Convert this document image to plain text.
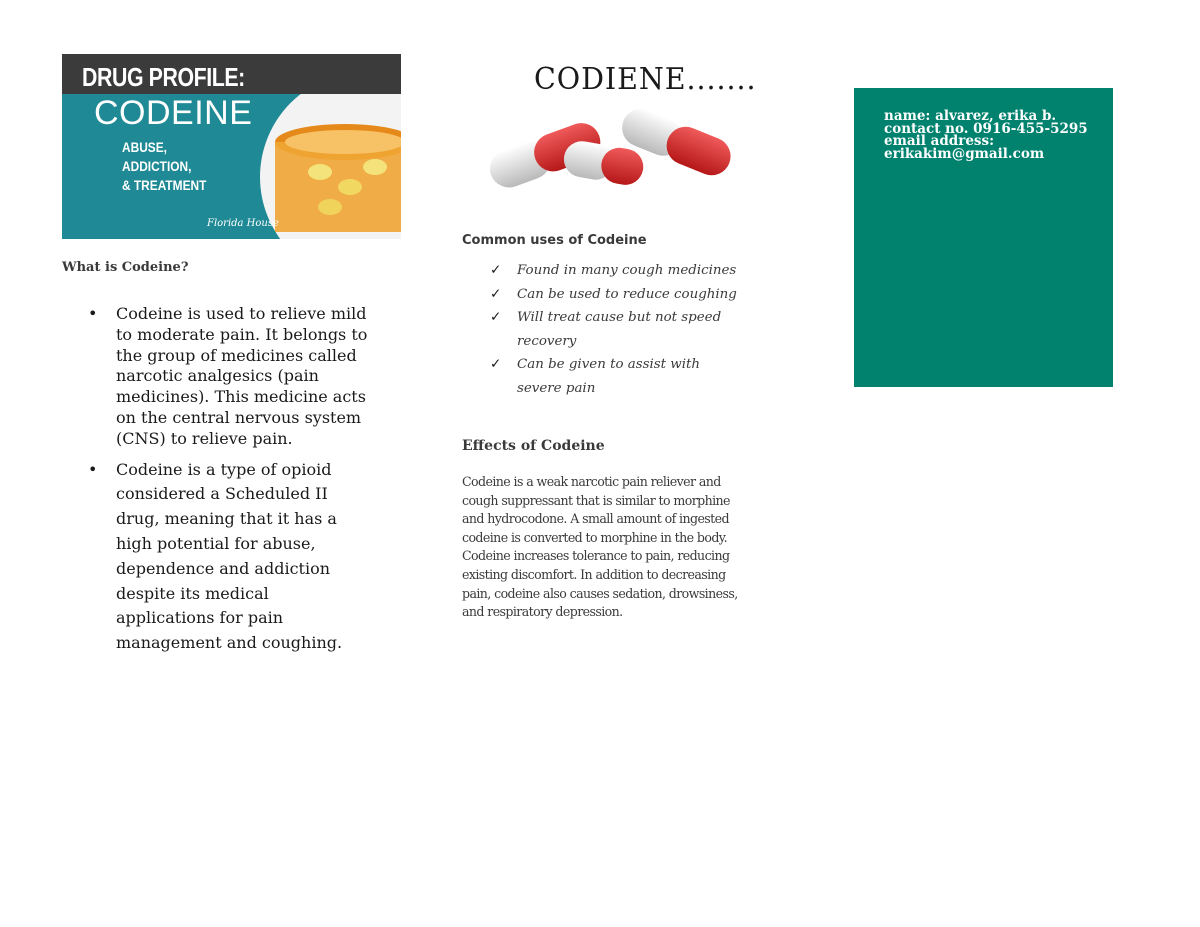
DRUG PROFILE:
CODEINE
ABUSE,
ADDICTION,
& TREATMENT
Florida House
What is Codeine?
• Codeine is used to relieve mild to moderate pain. It belongs to the group of medicines called narcotic analgesics (pain medicines). This medicine acts on the central nervous system (CNS) to relieve pain.
• Codeine is a type of opioid considered a Scheduled II drug, meaning that it has a high potential for abuse, dependence and addiction despite its medical applications for pain management and coughing.
CODIENE.......
Common uses of Codeine
✓ Found in many cough medicines
✓ Can be used to reduce coughing
✓ Will treat cause but not speed recovery
✓ Can be given to assist with severe pain
Effects of Codeine
Codeine is a weak narcotic pain reliever and cough suppressant that is similar to morphine and hydrocodone. A small amount of ingested codeine is converted to morphine in the body. Codeine increases tolerance to pain, reducing existing discomfort. In addition to decreasing pain, codeine also causes sedation, drowsiness, and respiratory depression.
name: alvarez, erika b.
contact no. 0916-455-5295
email address:
erikakim@gmail.com
